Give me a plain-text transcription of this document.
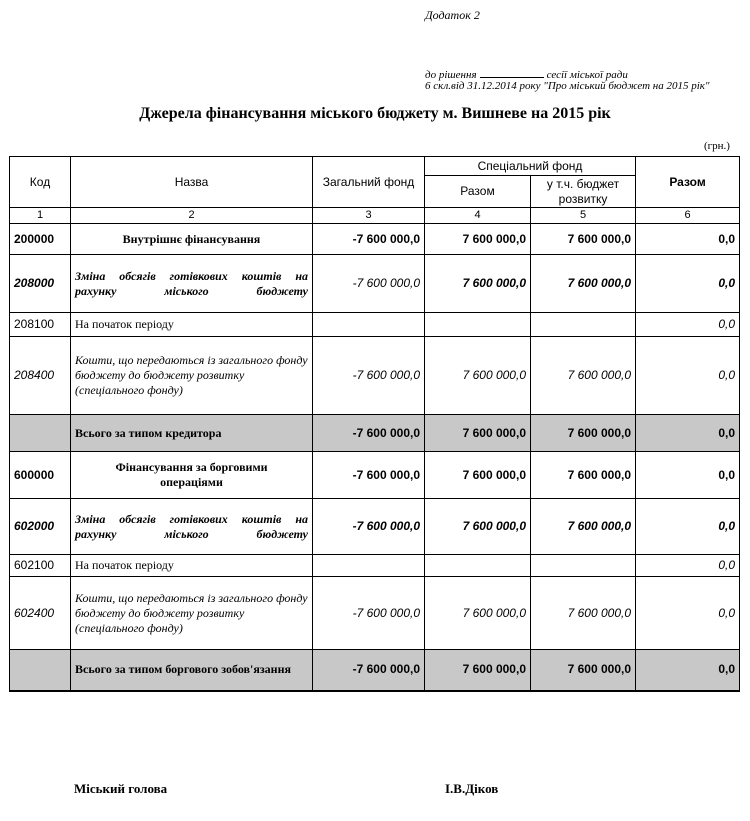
Додаток 2
до рішення	сесії міської ради
6 скл.від 31.12.2014 року "Про міський бюджет на 2015 рік"
Джерела фінансування міського бюджету м. Вишневе на 2015 рік
(грн.)
Код	Назва	Загальний фонд	Спеціальний фонд		Разом
			Разом	у т.ч. бюджет розвитку	
1	2	3	4	5	6
200000	Внутрішнє фінансування	-7 600 000,0	7 600 000,0	7 600 000,0	0,0
208000	Зміна обсягів готівкових коштів на рахунку міського бюджету	-7 600 000,0	7 600 000,0	7 600 000,0	0,0
208100	На початок періоду				0,0
208400	Кошти, що передаються із загального фонду бюджету до бюджету розвитку (спеціального фонду)	-7 600 000,0	7 600 000,0	7 600 000,0	0,0
	Всього за типом кредитора	-7 600 000,0	7 600 000,0	7 600 000,0	0,0
600000	Фінансування за борговими операціями	-7 600 000,0	7 600 000,0	7 600 000,0	0,0
602000	Зміна обсягів готівкових коштів на рахунку міського бюджету	-7 600 000,0	7 600 000,0	7 600 000,0	0,0
602100	На початок періоду				0,0
602400	Кошти, що передаються із загального фонду бюджету до бюджету розвитку (спеціального фонду)	-7 600 000,0	7 600 000,0	7 600 000,0	0,0
	Всього за типом боргового зобов'язання	-7 600 000,0	7 600 000,0	7 600 000,0	0,0
Міський голова	І.В.Діков
